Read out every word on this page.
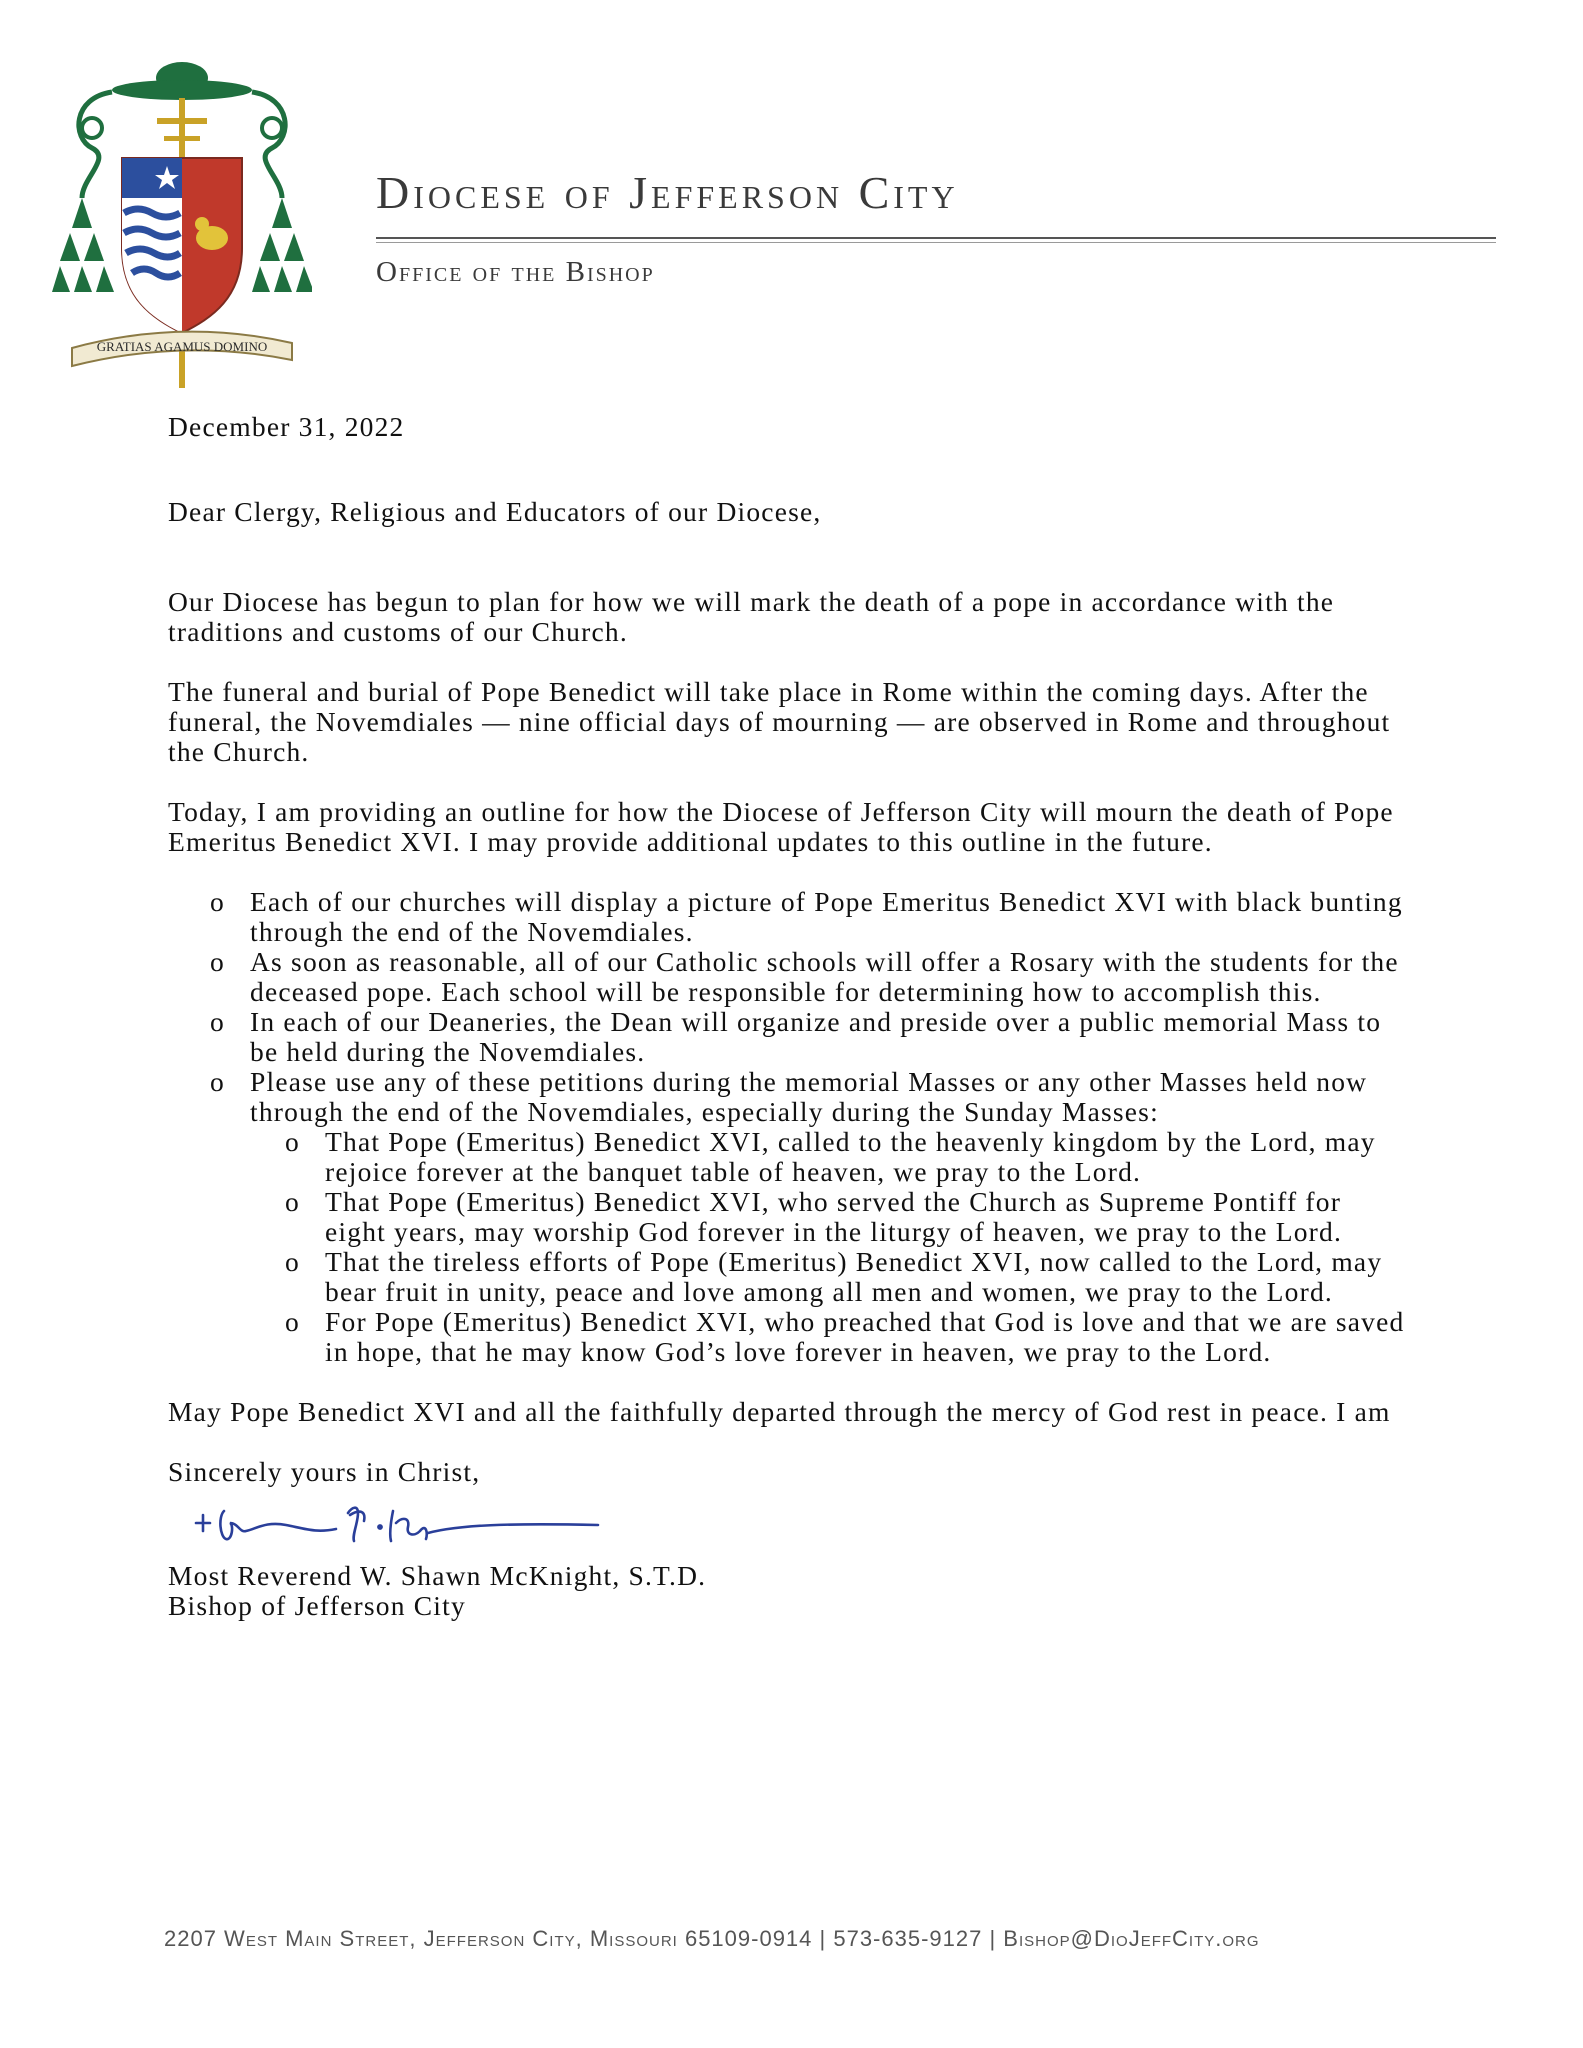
GRATIAS AGAMUS DOMINO
Diocese of Jefferson City
Office of the Bishop

December 31, 2022

Dear Clergy, Religious and Educators of our Diocese,

Our Diocese has begun to plan for how we will mark the death of a pope in accordance with the traditions and customs of our Church.

The funeral and burial of Pope Benedict will take place in Rome within the coming days. After the funeral, the Novemdiales — nine official days of mourning — are observed in Rome and throughout the Church.

Today, I am providing an outline for how the Diocese of Jefferson City will mourn the death of Pope Emeritus Benedict XVI. I may provide additional updates to this outline in the future.

o Each of our churches will display a picture of Pope Emeritus Benedict XVI with black bunting through the end of the Novemdiales.
o As soon as reasonable, all of our Catholic schools will offer a Rosary with the students for the deceased pope. Each school will be responsible for determining how to accomplish this.
o In each of our Deaneries, the Dean will organize and preside over a public memorial Mass to be held during the Novemdiales.
o Please use any of these petitions during the memorial Masses or any other Masses held now through the end of the Novemdiales, especially during the Sunday Masses:
o That Pope (Emeritus) Benedict XVI, called to the heavenly kingdom by the Lord, may rejoice forever at the banquet table of heaven, we pray to the Lord.
o That Pope (Emeritus) Benedict XVI, who served the Church as Supreme Pontiff for eight years, may worship God forever in the liturgy of heaven, we pray to the Lord.
o That the tireless efforts of Pope (Emeritus) Benedict XVI, now called to the Lord, may bear fruit in unity, peace and love among all men and women, we pray to the Lord.
o For Pope (Emeritus) Benedict XVI, who preached that God is love and that we are saved in hope, that he may know God’s love forever in heaven, we pray to the Lord.

May Pope Benedict XVI and all the faithfully departed through the mercy of God rest in peace. I am

Sincerely yours in Christ,

Most Reverend W. Shawn McKnight, S.T.D.

Bishop of Jefferson City

2207 West Main Street, Jefferson City, Missouri 65109-0914 | 573-635-9127 | Bishop@DioJeffCity.org
